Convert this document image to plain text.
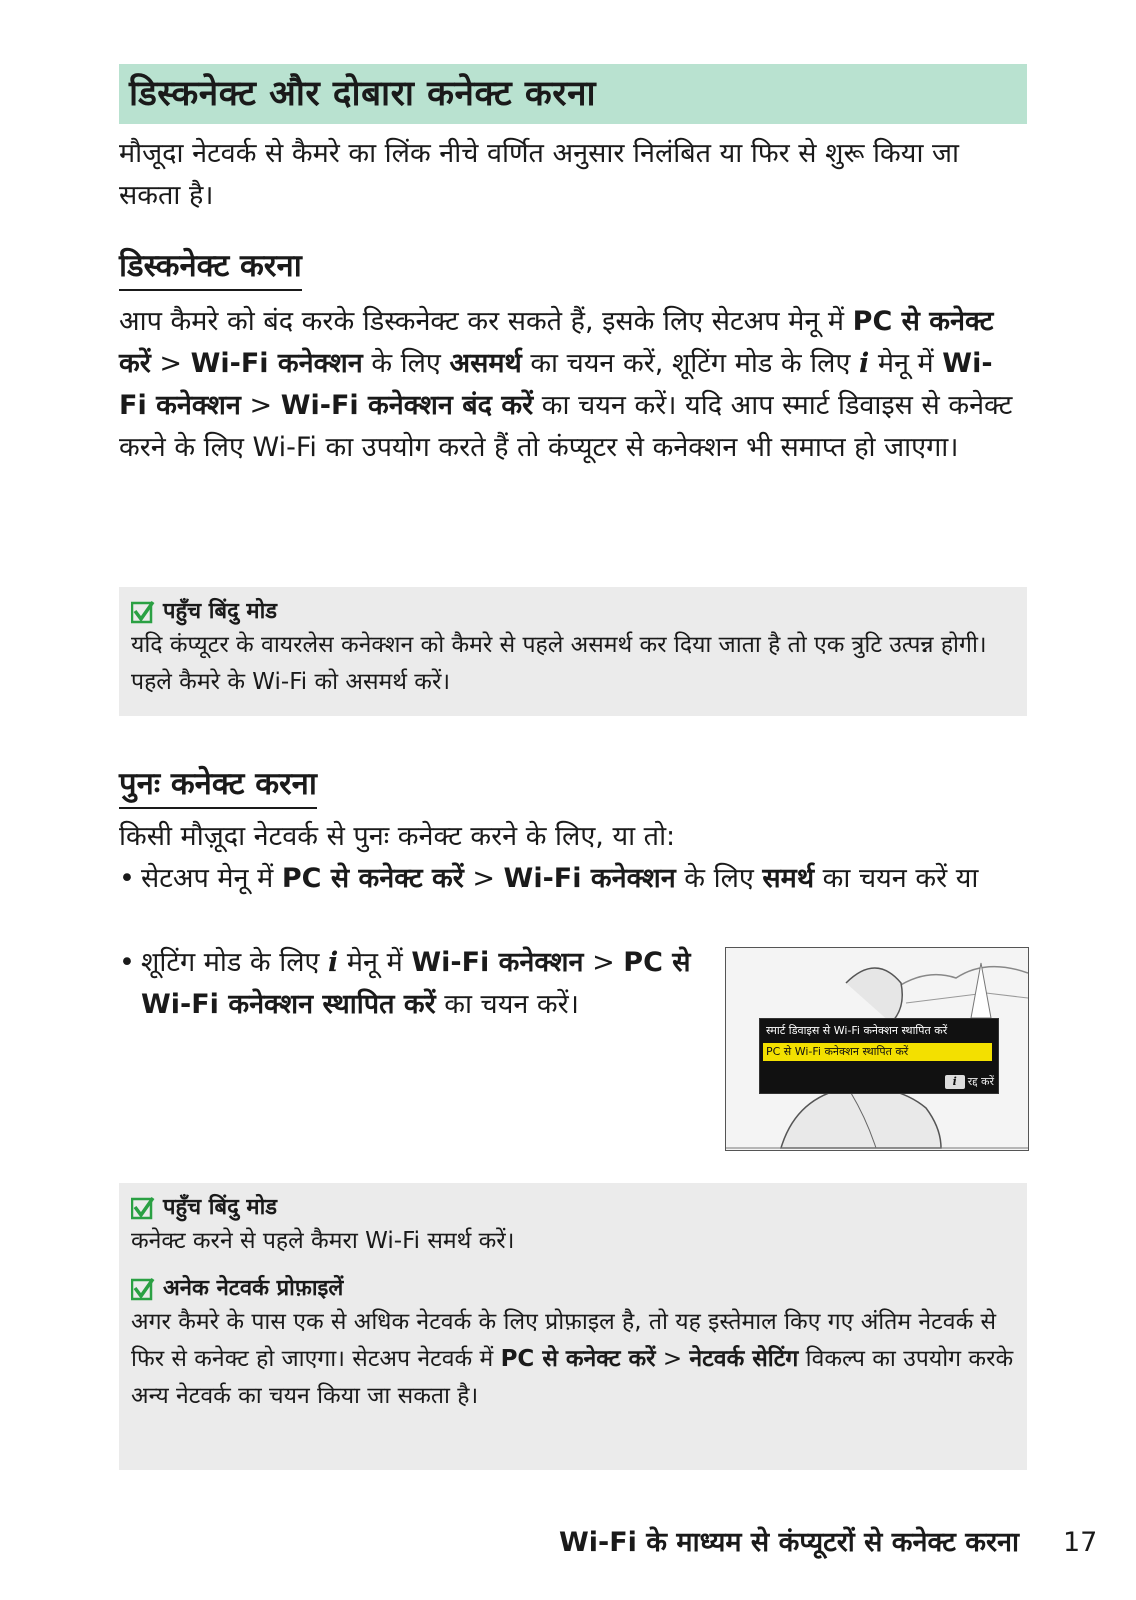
डिस्कनेक्ट और दोबारा कनेक्ट करना

मौजूदा नेटवर्क से कैमरे का लिंक नीचे वर्णित अनुसार निलंबित या फिर से शुरू किया जा सकता है।

डिस्कनेक्ट करना

आप कैमरे को बंद करके डिस्कनेक्ट कर सकते हैं, इसके लिए सेटअप मेनू में PC से कनेक्ट करें > Wi-Fi कनेक्शन के लिए असमर्थ का चयन करें, शूटिंग मोड के लिए i मेनू में Wi-Fi कनेक्शन > Wi-Fi कनेक्शन बंद करें का चयन करें। यदि आप स्मार्ट डिवाइस से कनेक्ट करने के लिए Wi-Fi का उपयोग करते हैं तो कंप्यूटर से कनेक्शन भी समाप्त हो जाएगा।

पहुँच बिंदु मोड

यदि कंप्यूटर के वायरलेस कनेक्शन को कैमरे से पहले असमर्थ कर दिया जाता है तो एक त्रुटि उत्पन्न होगी। पहले कैमरे के Wi-Fi को असमर्थ करें।

पुनः कनेक्ट करना

किसी मौज़ूदा नेटवर्क से पुनः कनेक्ट करने के लिए, या तो:

• सेटअप मेनू में PC से कनेक्ट करें > Wi-Fi कनेक्शन के लिए समर्थ का चयन करें या
• शूटिंग मोड के लिए i मेनू में Wi-Fi कनेक्शन > PC से Wi-Fi कनेक्शन स्थापित करें का चयन करें।
स्मार्ट डिवाइस से Wi-Fi कनेक्शन स्थापित करें
PC से Wi-Fi कनेक्शन स्थापित करें
i रद्द करें
पहुँच बिंदु मोड

कनेक्ट करने से पहले कैमरा Wi-Fi समर्थ करें।

अनेक नेटवर्क प्रोफ़ाइलें

अगर कैमरे के पास एक से अधिक नेटवर्क के लिए प्रोफ़ाइल है, तो यह इस्तेमाल किए गए अंतिम नेटवर्क से फिर से कनेक्ट हो जाएगा। सेटअप नेटवर्क में PC से कनेक्ट करें > नेटवर्क सेटिंग विकल्प का उपयोग करके अन्य नेटवर्क का चयन किया जा सकता है।

Wi-Fi के माध्यम से कंप्यूटरों से कनेक्ट करना 17
